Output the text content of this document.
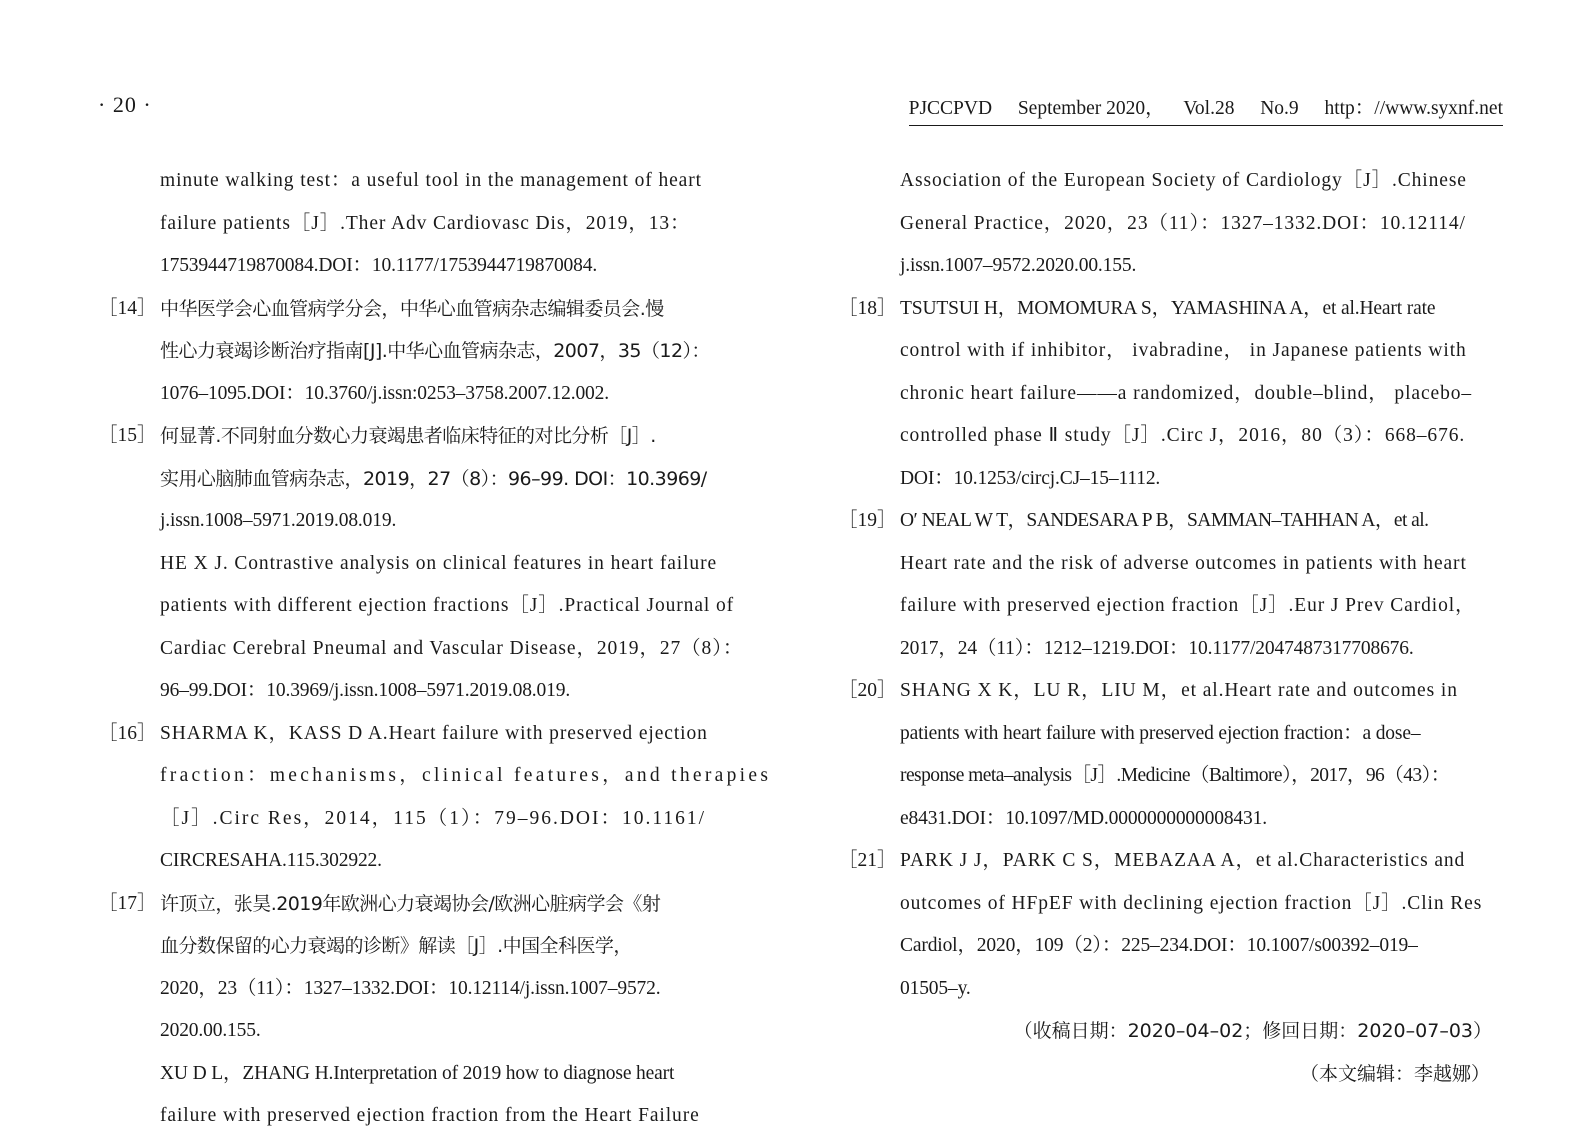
· 20 ·	PJCCPVD September 2020， Vol.28 No.9 http：//www.syxnf.net
minute walking test：a useful tool in the management of heart
failure patients［J］.Ther Adv Cardiovasc Dis，2019，13：
1753944719870084.DOI：10.1177/1753944719870084.
［14］ 中华医学会心血管病学分会，中华心血管病杂志编辑委员会.慢
性心力衰竭诊断治疗指南[J].中华心血管病杂志，2007，35（12）：
1076–1095.DOI：10.3760/j.issn:0253–3758.2007.12.002.
［15］ 何显菁.不同射血分数心力衰竭患者临床特征的对比分析［J］.
实用心脑肺血管病杂志，2019，27（8）：96–99. DOI：10.3969/
j.issn.1008–5971.2019.08.019.
HE X J. Contrastive analysis on clinical features in heart failure
patients with different ejection fractions［J］.Practical Journal of
Cardiac Cerebral Pneumal and Vascular Disease，2019，27（8）：
96–99.DOI：10.3969/j.issn.1008–5971.2019.08.019.
［16］ SHARMA K，KASS D A.Heart failure with preserved ejection
fraction：mechanisms，clinical features，and therapies
［J］.Circ Res，2014，115（1）：79–96.DOI：10.1161/
CIRCRESAHA.115.302922.
［17］ 许顶立，张昊.2019年欧洲心力衰竭协会/欧洲心脏病学会《射
血分数保留的心力衰竭的诊断》解读［J］.中国全科医学，
2020，23（11）：1327–1332.DOI：10.12114/j.issn.1007–9572.
2020.00.155.
XU D L，ZHANG H.Interpretation of 2019 how to diagnose heart
failure with preserved ejection fraction from the Heart Failure
Association of the European Society of Cardiology［J］.Chinese
General Practice，2020，23（11）：1327–1332.DOI：10.12114/
j.issn.1007–9572.2020.00.155.
［18］ TSUTSUI H，MOMOMURA S，YAMASHINA A，et al.Heart rate
control with if inhibitor， ivabradine， in Japanese patients with
chronic heart failure——a randomized，double–blind， placebo–
controlled phase Ⅱ study［J］.Circ J，2016，80（3）：668–676.
DOI：10.1253/circj.CJ–15–1112.
［19］ O′ NEAL W T，SANDESARA P B，SAMMAN–TAHHAN A，et al.
Heart rate and the risk of adverse outcomes in patients with heart
failure with preserved ejection fraction［J］.Eur J Prev Cardiol，
2017，24（11）：1212–1219.DOI：10.1177/2047487317708676.
［20］ SHANG X K，LU R，LIU M，et al.Heart rate and outcomes in
patients with heart failure with preserved ejection fraction：a dose–
response meta–analysis［J］.Medicine（Baltimore），2017，96（43）：
e8431.DOI：10.1097/MD.0000000000008431.
［21］ PARK J J，PARK C S，MEBAZAA A，et al.Characteristics and
outcomes of HFpEF with declining ejection fraction［J］.Clin Res
Cardiol，2020，109（2）：225–234.DOI：10.1007/s00392–019–
01505–y.
（收稿日期：2020–04–02；修回日期：2020–07–03）
（本文编辑：李越娜）
